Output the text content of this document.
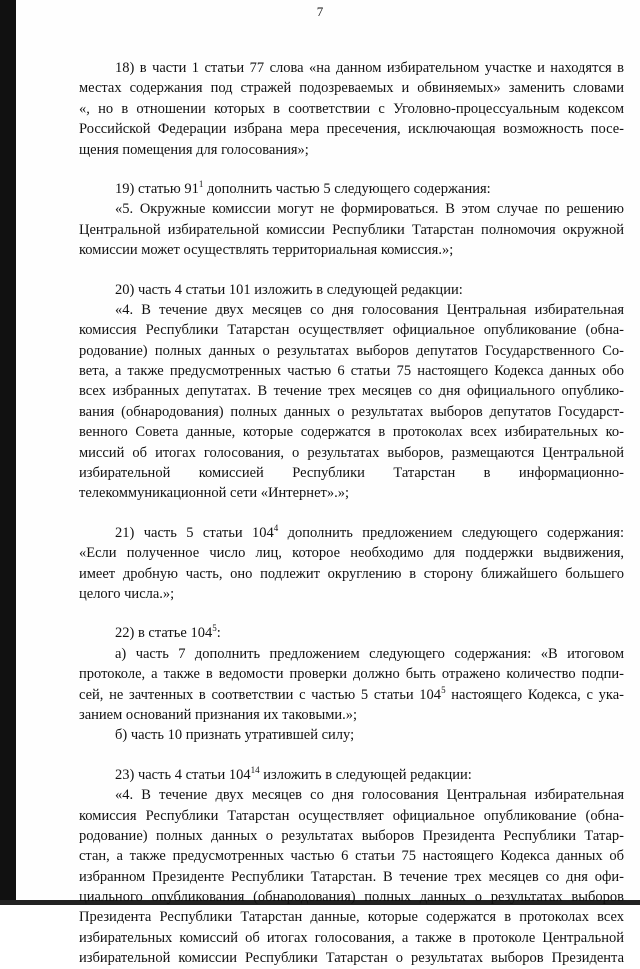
7
18) в части 1 статьи 77 слова «на данном избирательном участке и находятся в
местах содержания под стражей подозреваемых и обвиняемых» заменить словами
«, но в отношении которых в соответствии с Уголовно-процессуальным кодексом
Российской Федерации избрана мера пресечения, исключающая возможность посе-
щения помещения для голосования»;
19) статью $91^1$ дополнить частью 5 следующего содержания:
«5. Окружные комиссии могут не формироваться. В этом случае по решению
Центральной избирательной комиссии Республики Татарстан полномочия окружной
комиссии может осуществлять территориальная комиссия.»;
20) часть 4 статьи 101 изложить в следующей редакции:
«4. В течение двух месяцев со дня голосования Центральная избирательная
комиссия Республики Татарстан осуществляет официальное опубликование (обна-
родование) полных данных о результатах выборов депутатов Государственного Со-
вета, а также предусмотренных частью 6 статьи 75 настоящего Кодекса данных обо
всех избранных депутатах. В течение трех месяцев со дня официального опублико-
вания (обнародования) полных данных о результатах выборов депутатов Государст-
венного Совета данные, которые содержатся в протоколах всех избирательных ко-
миссий об итогах голосования, о результатах выборов, размещаются Центральной
избирательной комиссией Республики Татарстан в информационно-
телекоммуникационной сети «Интернет».»;
21) часть 5 статьи $104^4$ дополнить предложением следующего содержания:
«Если полученное число лиц, которое необходимо для поддержки выдвижения,
имеет дробную часть, оно подлежит округлению в сторону ближайшего большего
целого числа.»;
22) в статье $104^5$:
а) часть 7 дополнить предложением следующего содержания: «В итоговом
протоколе, а также в ведомости проверки должно быть отражено количество подпи-
сей, не зачтенных в соответствии с частью 5 статьи $104^5$ настоящего Кодекса, с ука-
занием оснований признания их таковыми.»;
б) часть 10 признать утратившей силу;
23) часть 4 статьи $104^{14}$ изложить в следующей редакции:
«4. В течение двух месяцев со дня голосования Центральная избирательная
комиссия Республики Татарстан осуществляет официальное опубликование (обна-
родование) полных данных о результатах выборов Президента Республики Татар-
стан, а также предусмотренных частью 6 статьи 75 настоящего Кодекса данных об
избранном Президенте Республики Татарстан. В течение трех месяцев со дня офи-
циального опубликования (обнародования) полных данных о результатах выборов
Президента Республики Татарстан данные, которые содержатся в протоколах всех
избирательных комиссий об итогах голосования, а также в протоколе Центральной
избирательной комиссии Республики Татарстан о результатах выборов Президента
